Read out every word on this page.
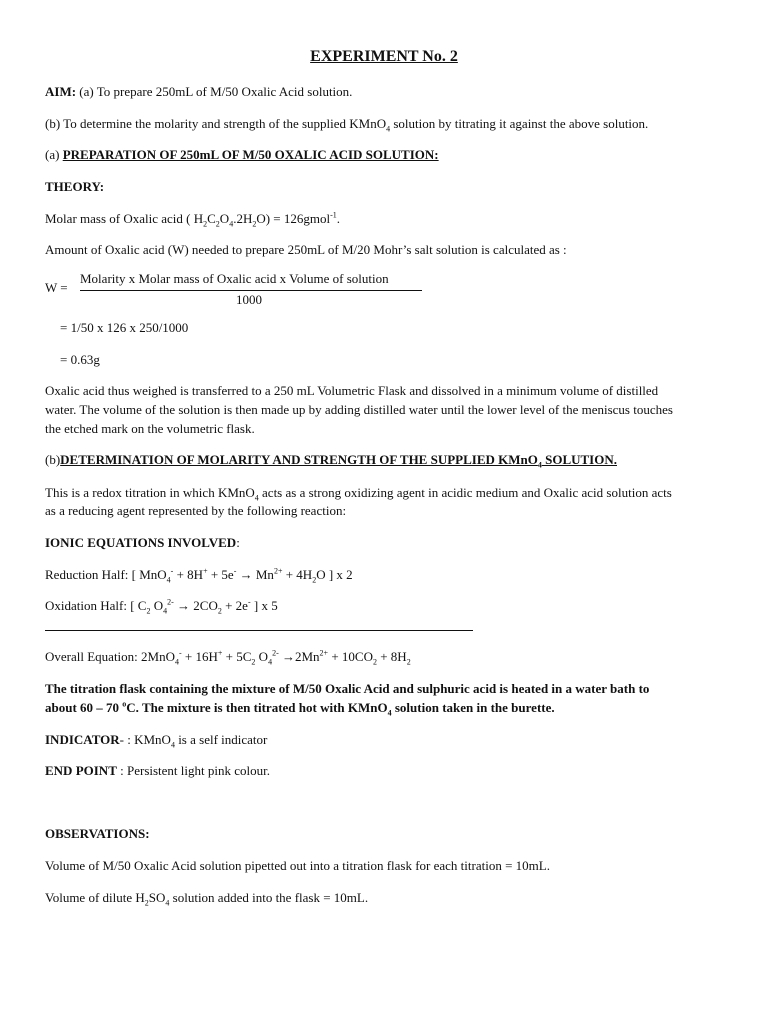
EXPERIMENT No. 2
AIM: (a) To prepare 250mL of M/50 Oxalic Acid solution.
(b) To determine the molarity and strength of the supplied KMnO$_4$ solution by titrating it against the above solution.
(a) PREPARATION OF 250mL OF M/50 OXALIC ACID SOLUTION:
THEORY:
Molar mass of Oxalic acid ( $H_2C_2O_4.2H_2O$) = 126gmol$^{-1}$.
Amount of Oxalic acid (W) needed to prepare 250mL of M/20 Mohr’s salt solution is calculated as :
W =
Molarity x Molar mass of Oxalic acid x Volume of solution
1000
= 1/50 x 126 x 250/1000
= 0.63g
Oxalic acid thus weighed is transferred to a 250 mL Volumetric Flask and dissolved in a minimum volume of distilled
water. The volume of the solution is then made up by adding distilled water until the lower level of the meniscus touches
the etched mark on the volumetric flask.
(b)DETERMINATION OF MOLARITY AND STRENGTH OF THE SUPPLIED KMnO$_4$ SOLUTION.
This is a redox titration in which KMnO$_4$ acts as a strong oxidizing agent in acidic medium and Oxalic acid solution acts
as a reducing agent represented by the following reaction:
IONIC EQUATIONS INVOLVED:
Reduction Half: [ $MnO_4^- + 8H^+ + 5e^- \to Mn^{2+} + 4H_2O$ ] x 2
Oxidation Half: [ $C_2$ $O_4^{2-} \to 2CO_2 + 2e^-$ ] x 5
Overall Equation: $2MnO_4^- + 16H^+ + 5C_2$ $O_4^{2-} \to 2Mn^{2+} + 10CO_2 + 8H_2$
The titration flask containing the mixture of M/50 Oxalic Acid and sulphuric acid is heated in a water bath to
about 60 – 70 $^o$C. The mixture is then titrated hot with KMnO$_4$ solution taken in the burette.
INDICATOR- : KMnO$_4$ is a self indicator
END POINT : Persistent light pink colour.
OBSERVATIONS:
Volume of M/50 Oxalic Acid solution pipetted out into a titration flask for each titration = 10mL.
Volume of dilute $H_2SO_4$ solution added into the flask = 10mL.
